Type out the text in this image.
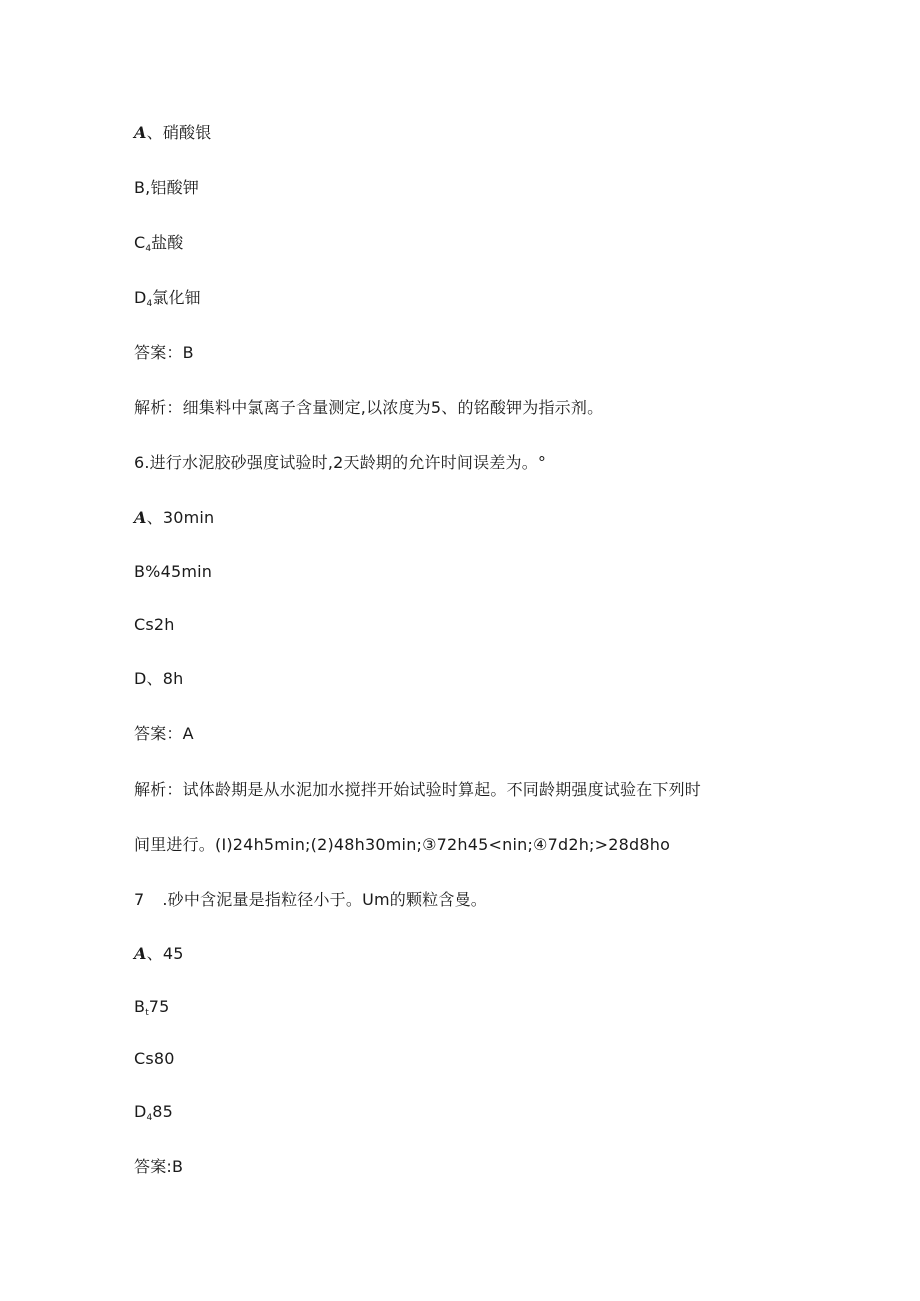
A、硝酸银
B,铝酸钾
$C_4$盐酸
$D_4$氯化钿
答案：B
解析：细集料中氯离子含量测定,以浓度为5、的铭酸钾为指示剂。
6.进行水泥胶砂强度试验时,2天龄期的允许时间误差为。°
A、30min
B%45min
Cs2h
D、8h
答案：A
解析：试体龄期是从水泥加水搅拌开始试验时算起。不同龄期强度试验在下列时
间里进行。(I)24h5min;(2)48h30min;③72h45<nin;④7d2h;>28d8ho
7 .砂中含泥量是指粒径小于。Um的颗粒含曼。
A、45
$B_t75$
Cs80
$D_485$
答案:B
